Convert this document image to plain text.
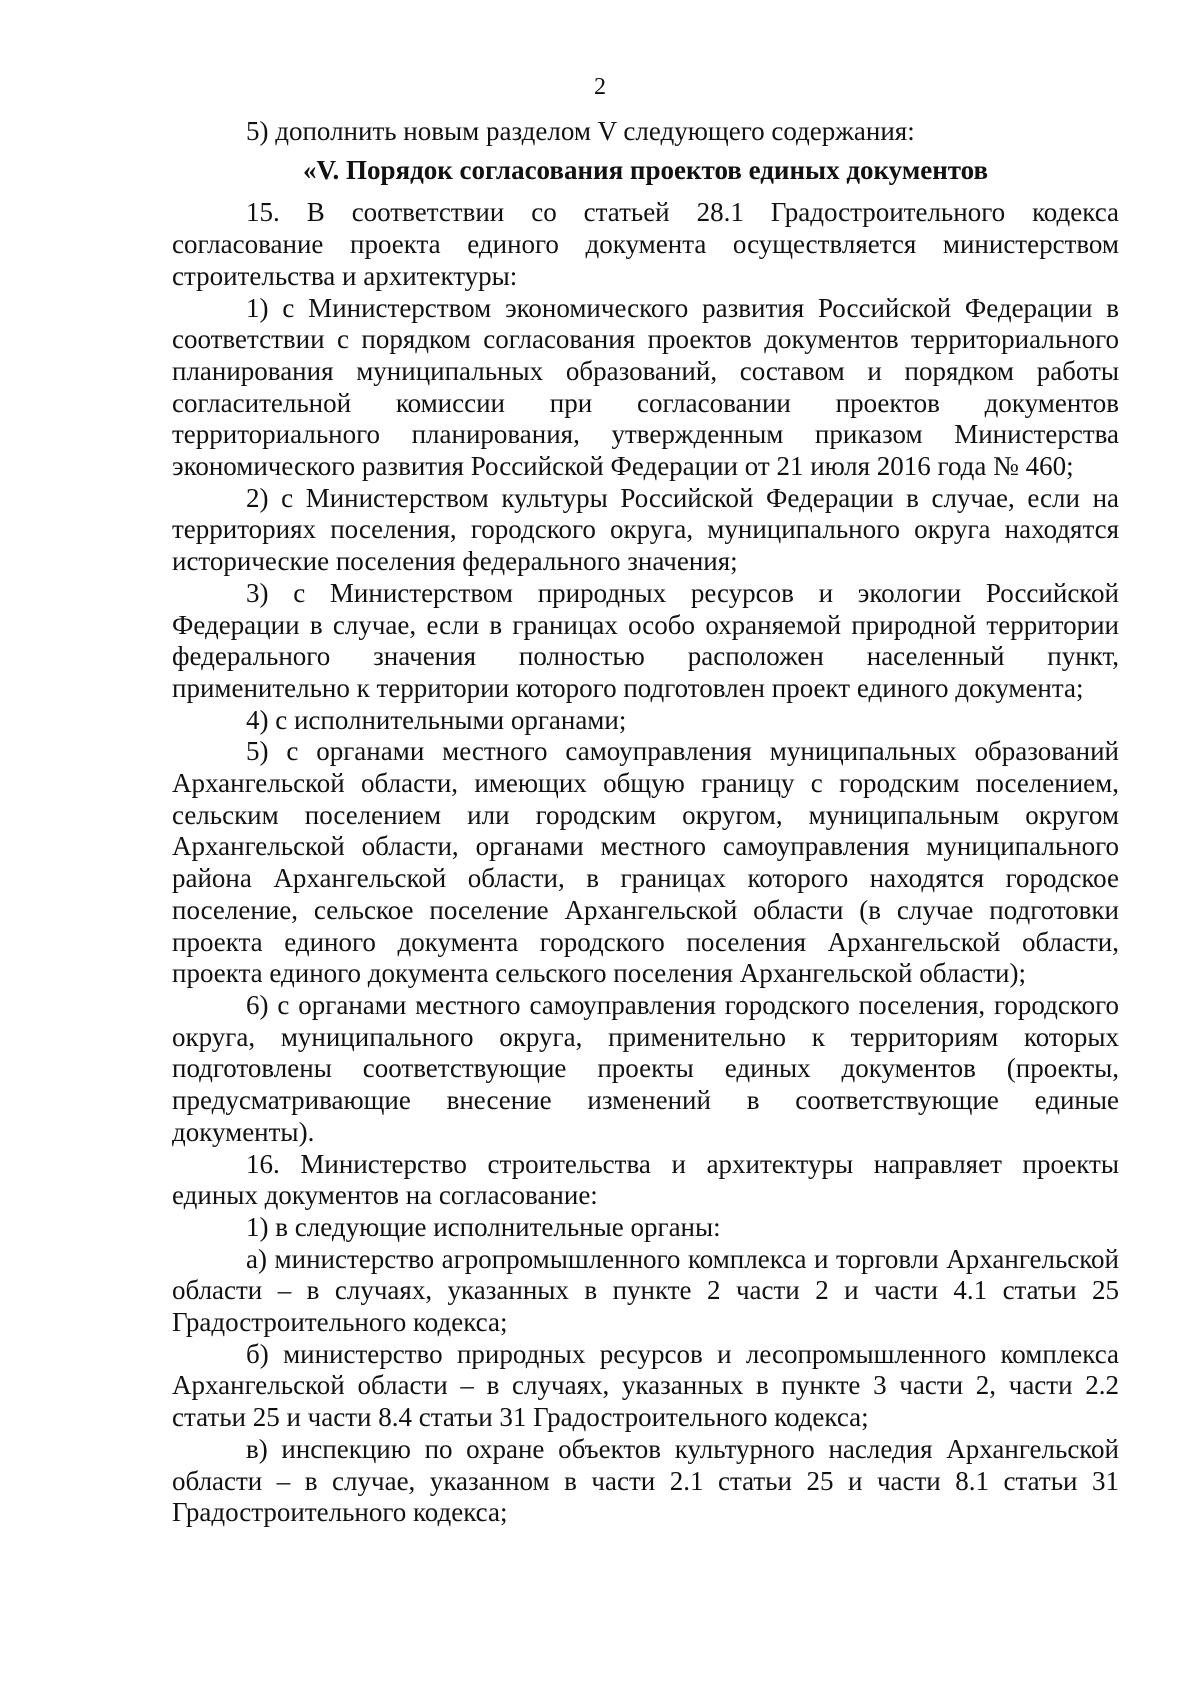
2

5) дополнить новым разделом V следующего содержания:

«V. Порядок согласования проектов единых документов

15. В соответствии со статьей 28.1 Градостроительного кодекса согласование проекта единого документа осуществляется министерством строительства и архитектуры:

1) с Министерством экономического развития Российской Федерации в соответствии с порядком согласования проектов документов территориального планирования муниципальных образований, составом и порядком работы согласительной комиссии при согласовании проектов документов территориального планирования, утвержденным приказом Министерства экономического развития Российской Федерации от 21 июля 2016 года № 460;

2) с Министерством культуры Российской Федерации в случае, если на территориях поселения, городского округа, муниципального округа находятся исторические поселения федерального значения;

3) с Министерством природных ресурсов и экологии Российской Федерации в случае, если в границах особо охраняемой природной территории федерального значения полностью расположен населенный пункт, применительно к территории которого подготовлен проект единого документа;

4) с исполнительными органами;

5) с органами местного самоуправления муниципальных образований Архангельской области, имеющих общую границу с городским поселением, сельским поселением или городским округом, муниципальным округом Архангельской области, органами местного самоуправления муниципального района Архангельской области, в границах которого находятся городское поселение, сельское поселение Архангельской области (в случае подготовки проекта единого документа городского поселения Архангельской области, проекта единого документа сельского поселения Архангельской области);

6) с органами местного самоуправления городского поселения, городского округа, муниципального округа, применительно к территориям которых подготовлены соответствующие проекты единых документов (проекты, предусматривающие внесение изменений в соответствующие единые документы).

16. Министерство строительства и архитектуры направляет проекты единых документов на согласование:

1) в следующие исполнительные органы:

а) министерство агропромышленного комплекса и торговли Архангельской области – в случаях, указанных в пункте 2 части 2 и части 4.1 статьи 25 Градостроительного кодекса;

б) министерство природных ресурсов и лесопромышленного комплекса Архангельской области – в случаях, указанных в пункте 3 части 2, части 2.2 статьи 25 и части 8.4 статьи 31 Градостроительного кодекса;

в) инспекцию по охране объектов культурного наследия Архангельской области – в случае, указанном в части 2.1 статьи 25 и части 8.1 статьи 31 Градостроительного кодекса;
